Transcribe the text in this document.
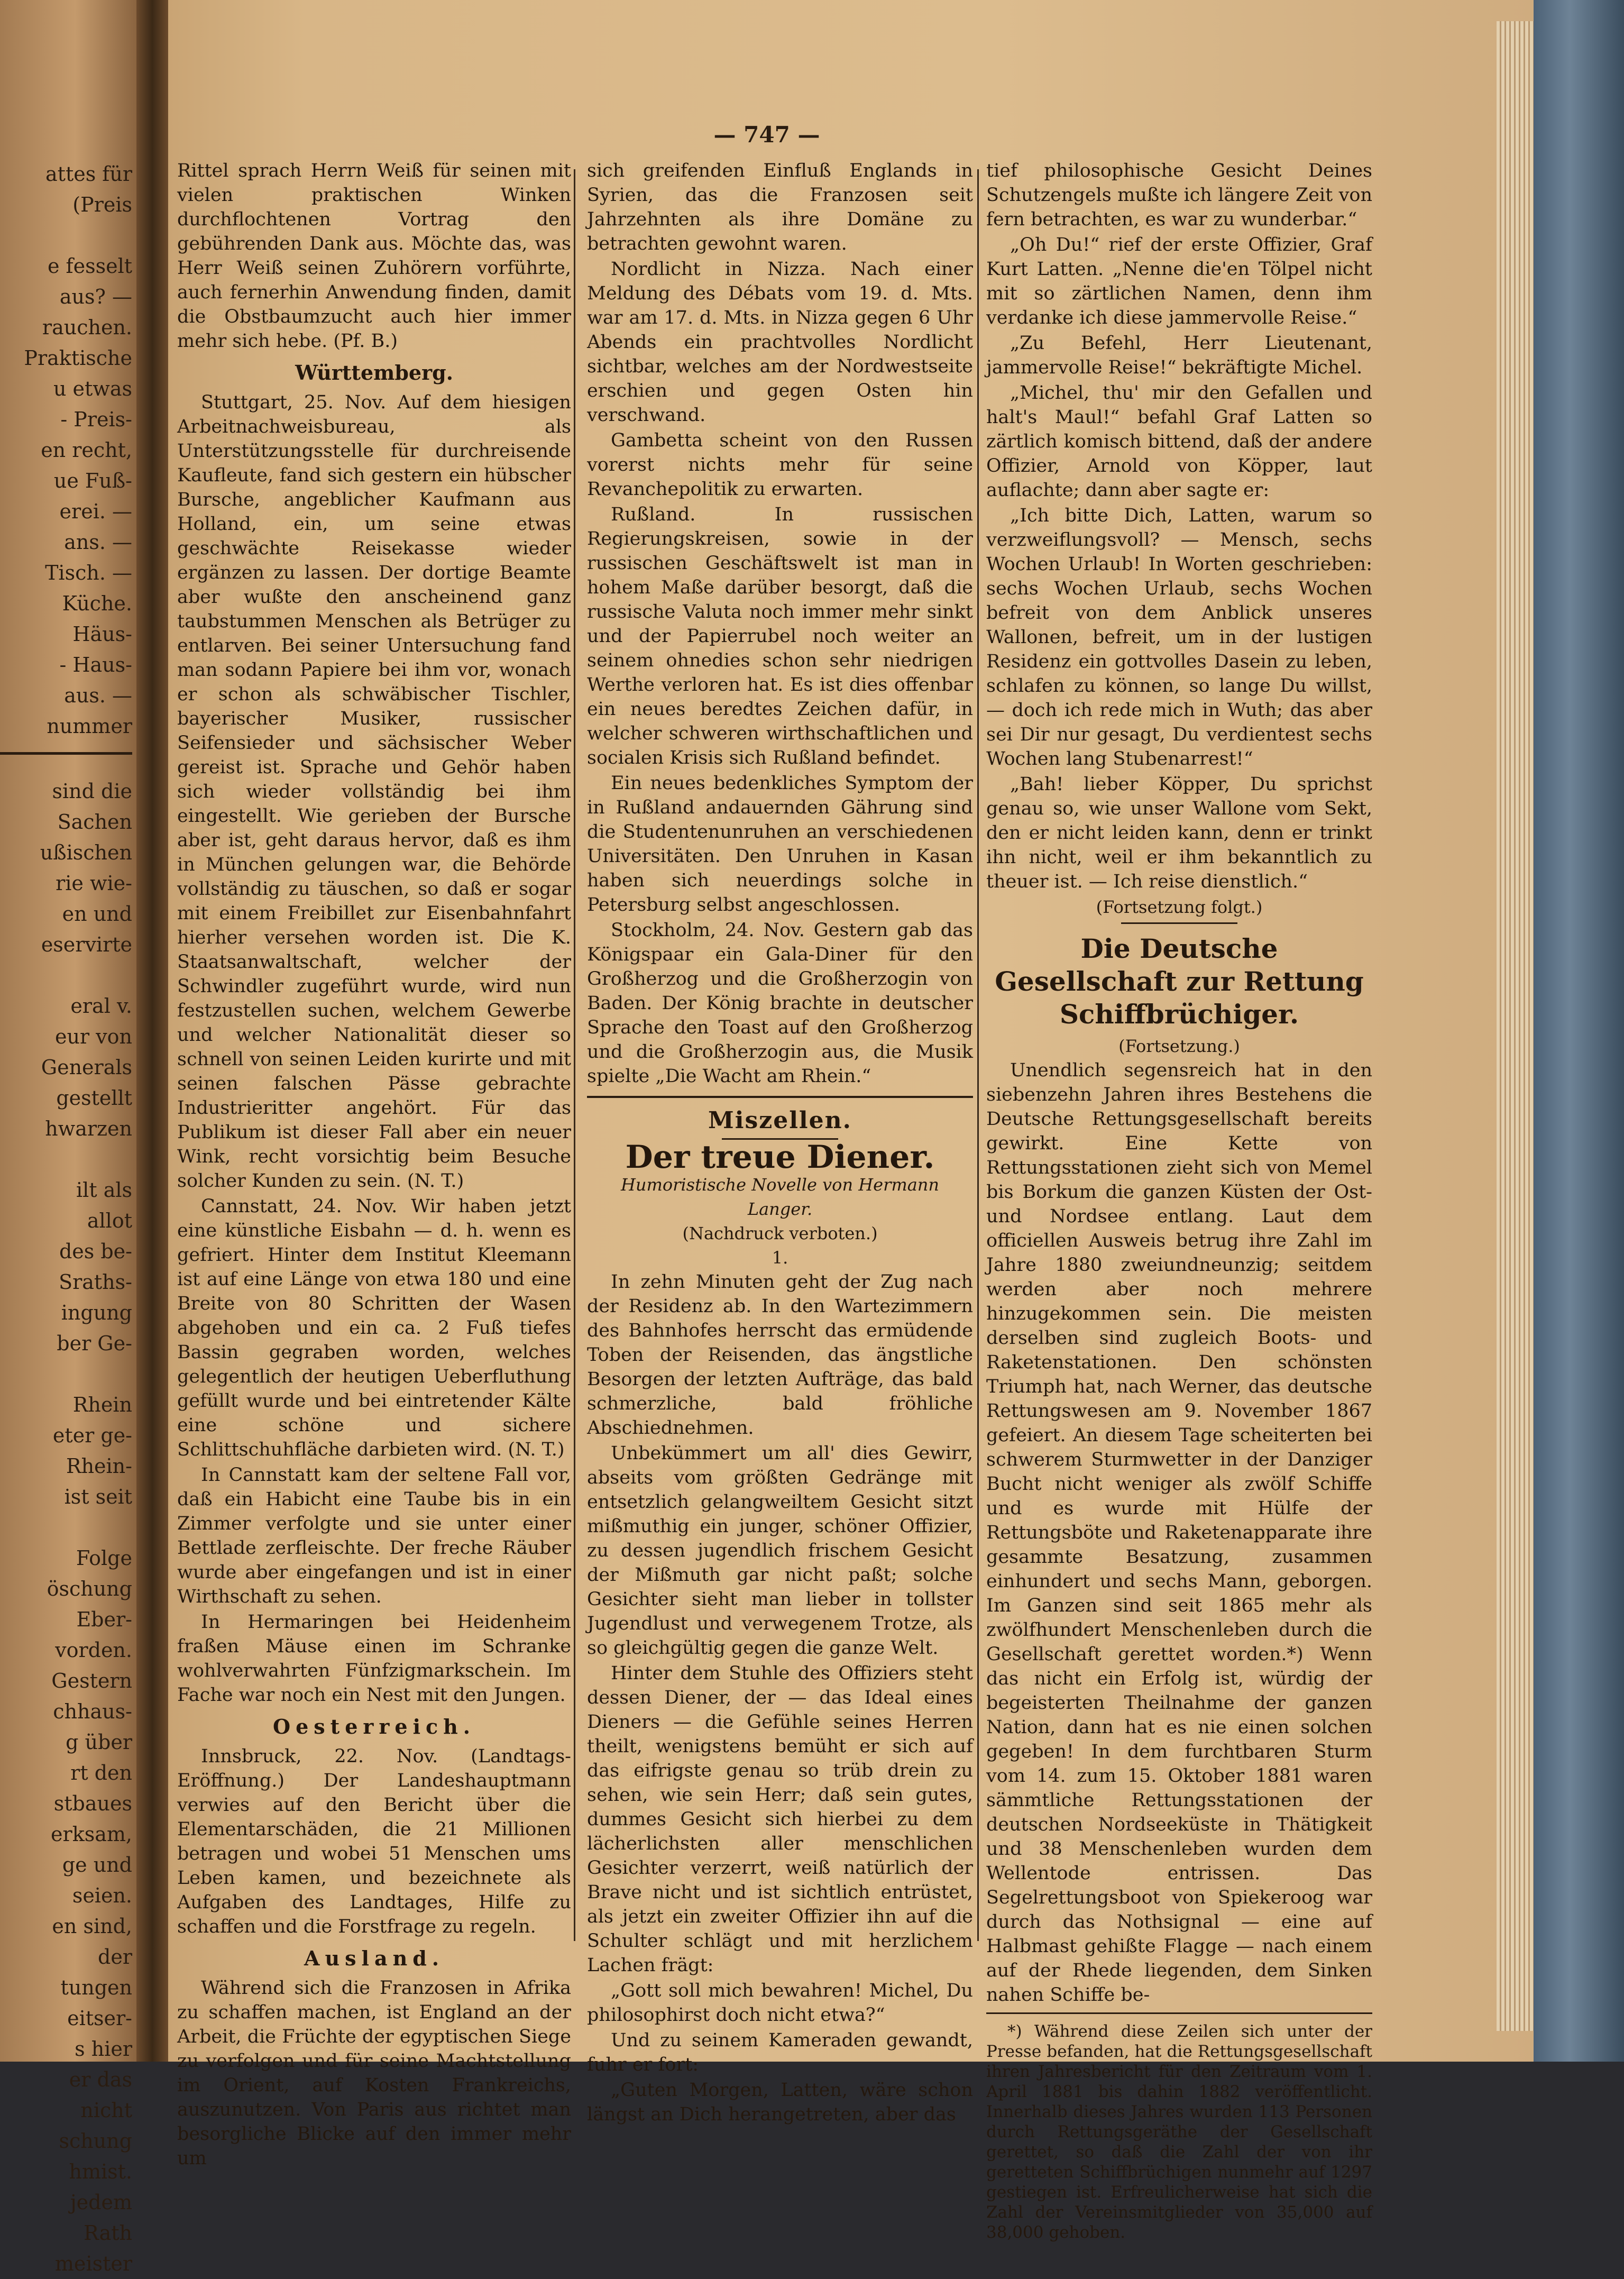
attes für
(Preis
e fesselt
aus? —
rauchen.
Praktische
u etwas
- Preis-
en recht,
ue Fuß-
erei. —
ans. —
Tisch. —
Küche.
Häus-
- Haus-
aus. —
nummer
sind die
Sachen
ußischen
rie wie-
en und
eservirte
eral v.
eur von
Generals
gestellt
hwarzen
ilt als
allot
des be-
Sraths-
ingung
ber Ge-
Rhein
eter ge-
Rhein-
ist seit
Folge
öschung
Eber-
vorden.
Gestern
chhaus-
g über
rt den
stbaues
erksam,
ge und
seien.
en sind,
der
tungen
eitser-
s hier
er das
nicht
schung
hmist.
jedem
Rath
meister
— 747 —

Rittel sprach Herrn Weiß für seinen mit vielen praktischen Winken durchflochtenen Vortrag den gebührenden Dank aus. Möchte das, was Herr Weiß seinen Zuhörern vorführte, auch fernerhin Anwendung finden, damit die Obstbaumzucht auch hier immer mehr sich hebe. (Pf. B.)

Württemberg.

Stuttgart, 25. Nov. Auf dem hiesigen Arbeitnachweisbureau, als Unterstützungsstelle für durchreisende Kaufleute, fand sich gestern ein hübscher Bursche, angeblicher Kaufmann aus Holland, ein, um seine etwas geschwächte Reisekasse wieder ergänzen zu lassen. Der dortige Beamte aber wußte den anscheinend ganz taubstummen Menschen als Betrüger zu entlarven. Bei seiner Untersuchung fand man sodann Papiere bei ihm vor, wonach er schon als schwäbischer Tischler, bayerischer Musiker, russischer Seifensieder und sächsischer Weber gereist ist. Sprache und Gehör haben sich wieder vollständig bei ihm eingestellt. Wie gerieben der Bursche aber ist, geht daraus hervor, daß es ihm in München gelungen war, die Behörde vollständig zu täuschen, so daß er sogar mit einem Freibillet zur Eisenbahnfahrt hierher versehen worden ist. Die K. Staatsanwaltschaft, welcher der Schwindler zugeführt wurde, wird nun festzustellen suchen, welchem Gewerbe und welcher Nationalität dieser so schnell von seinen Leiden kurirte und mit seinen falschen Pässe gebrachte Industrieritter angehört. Für das Publikum ist dieser Fall aber ein neuer Wink, recht vorsichtig beim Besuche solcher Kunden zu sein. (N. T.)

Cannstatt, 24. Nov. Wir haben jetzt eine künstliche Eisbahn — d. h. wenn es gefriert. Hinter dem Institut Kleemann ist auf eine Länge von etwa 180 und eine Breite von 80 Schritten der Wasen abgehoben und ein ca. 2 Fuß tiefes Bassin gegraben worden, welches gelegentlich der heutigen Ueberfluthung gefüllt wurde und bei eintretender Kälte eine schöne und sichere Schlittschuhfläche darbieten wird. (N. T.)

In Cannstatt kam der seltene Fall vor, daß ein Habicht eine Taube bis in ein Zimmer verfolgte und sie unter einer Bettlade zerfleischte. Der freche Räuber wurde aber eingefangen und ist in einer Wirthschaft zu sehen.

In Hermaringen bei Heidenheim fraßen Mäuse einen im Schranke wohlverwahrten Fünfzigmarkschein. Im Fache war noch ein Nest mit den Jungen.

Oesterreich.

Innsbruck, 22. Nov. (Landtags-Eröffnung.) Der Landeshauptmann verwies auf den Bericht über die Elementarschäden, die 21 Millionen betragen und wobei 51 Menschen ums Leben kamen, und bezeichnete als Aufgaben des Landtages, Hilfe zu schaffen und die Forstfrage zu regeln.

Ausland.

Während sich die Franzosen in Afrika zu schaffen machen, ist England an der Arbeit, die Früchte der egyptischen Siege zu verfolgen und für seine Machtstellung im Orient, auf Kosten Frankreichs, auszunutzen. Von Paris aus richtet man besorgliche Blicke auf den immer mehr um

sich greifenden Einfluß Englands in Syrien, das die Franzosen seit Jahrzehnten als ihre Domäne zu betrachten gewohnt waren.

Nordlicht in Nizza. Nach einer Meldung des Débats vom 19. d. Mts. war am 17. d. Mts. in Nizza gegen 6 Uhr Abends ein prachtvolles Nordlicht sichtbar, welches am der Nordwestseite erschien und gegen Osten hin verschwand.

Gambetta scheint von den Russen vorerst nichts mehr für seine Revanchepolitik zu erwarten.

Rußland. In russischen Regierungskreisen, sowie in der russischen Geschäftswelt ist man in hohem Maße darüber besorgt, daß die russische Valuta noch immer mehr sinkt und der Papierrubel noch weiter an seinem ohnedies schon sehr niedrigen Werthe verloren hat. Es ist dies offenbar ein neues beredtes Zeichen dafür, in welcher schweren wirthschaftlichen und socialen Krisis sich Rußland befindet.

Ein neues bedenkliches Symptom der in Rußland andauernden Gährung sind die Studentenunruhen an verschiedenen Universitäten. Den Unruhen in Kasan haben sich neuerdings solche in Petersburg selbst angeschlossen.

Stockholm, 24. Nov. Gestern gab das Königspaar ein Gala-Diner für den Großherzog und die Großherzogin von Baden. Der König brachte in deutscher Sprache den Toast auf den Großherzog und die Großherzogin aus, die Musik spielte „Die Wacht am Rhein.“

Miszellen.
Der treue Diener.
Humoristische Novelle von Hermann Langer.
(Nachdruck verboten.)
1.

In zehn Minuten geht der Zug nach der Residenz ab. In den Wartezimmern des Bahnhofes herrscht das ermüdende Toben der Reisenden, das ängstliche Besorgen der letzten Aufträge, das bald schmerzliche, bald fröhliche Abschiednehmen.

Unbekümmert um all' dies Gewirr, abseits vom größten Gedränge mit entsetzlich gelangweiltem Gesicht sitzt mißmuthig ein junger, schöner Offizier, zu dessen jugendlich frischem Gesicht der Mißmuth gar nicht paßt; solche Gesichter sieht man lieber in tollster Jugendlust und verwegenem Trotze, als so gleichgültig gegen die ganze Welt.

Hinter dem Stuhle des Offiziers steht dessen Diener, der — das Ideal eines Dieners — die Gefühle seines Herren theilt, wenigstens bemüht er sich auf das eifrigste genau so trüb drein zu sehen, wie sein Herr; daß sein gutes, dummes Gesicht sich hierbei zu dem lächerlichsten aller menschlichen Gesichter verzerrt, weiß natürlich der Brave nicht und ist sichtlich entrüstet, als jetzt ein zweiter Offizier ihn auf die Schulter schlägt und mit herzlichem Lachen frägt:

„Gott soll mich bewahren! Michel, Du philosophirst doch nicht etwa?“

Und zu seinem Kameraden gewandt, fuhr er fort:

„Guten Morgen, Latten, wäre schon längst an Dich herangetreten, aber das

tief philosophische Gesicht Deines Schutzengels mußte ich längere Zeit von fern betrachten, es war zu wunderbar.“

„Oh Du!“ rief der erste Offizier, Graf Kurt Latten. „Nenne die'en Tölpel nicht mit so zärtlichen Namen, denn ihm verdanke ich diese jammervolle Reise.“

„Zu Befehl, Herr Lieutenant, jammervolle Reise!“ bekräftigte Michel.

„Michel, thu' mir den Gefallen und halt's Maul!“ befahl Graf Latten so zärtlich komisch bittend, daß der andere Offizier, Arnold von Köpper, laut auflachte; dann aber sagte er:

„Ich bitte Dich, Latten, warum so verzweiflungsvoll? — Mensch, sechs Wochen Urlaub! In Worten geschrieben: sechs Wochen Urlaub, sechs Wochen befreit von dem Anblick unseres Wallonen, befreit, um in der lustigen Residenz ein gottvolles Dasein zu leben, schlafen zu können, so lange Du willst, — doch ich rede mich in Wuth; das aber sei Dir nur gesagt, Du verdientest sechs Wochen lang Stubenarrest!“

„Bah! lieber Köpper, Du sprichst genau so, wie unser Wallone vom Sekt, den er nicht leiden kann, denn er trinkt ihn nicht, weil er ihm bekanntlich zu theuer ist. — Ich reise dienstlich.“

(Fortsetzung folgt.)
Die Deutsche Gesellschaft zur Rettung Schiffbrüchiger.
(Fortsetzung.)

Unendlich segensreich hat in den siebenzehn Jahren ihres Bestehens die Deutsche Rettungsgesellschaft bereits gewirkt. Eine Kette von Rettungsstationen zieht sich von Memel bis Borkum die ganzen Küsten der Ost- und Nordsee entlang. Laut dem officiellen Ausweis betrug ihre Zahl im Jahre 1880 zweiundneunzig; seitdem werden aber noch mehrere hinzugekommen sein. Die meisten derselben sind zugleich Boots- und Raketenstationen. Den schönsten Triumph hat, nach Werner, das deutsche Rettungswesen am 9. November 1867 gefeiert. An diesem Tage scheiterten bei schwerem Sturmwetter in der Danziger Bucht nicht weniger als zwölf Schiffe und es wurde mit Hülfe der Rettungsböte und Raketenapparate ihre gesammte Besatzung, zusammen einhundert und sechs Mann, geborgen. Im Ganzen sind seit 1865 mehr als zwölfhundert Menschenleben durch die Gesellschaft gerettet worden.*) Wenn das nicht ein Erfolg ist, würdig der begeisterten Theilnahme der ganzen Nation, dann hat es nie einen solchen gegeben! In dem furchtbaren Sturm vom 14. zum 15. Oktober 1881 waren sämmtliche Rettungsstationen der deutschen Nordseeküste in Thätigkeit und 38 Menschenleben wurden dem Wellentode entrissen. Das Segelrettungsboot von Spiekeroog war durch das Nothsignal — eine auf Halbmast gehißte Flagge — nach einem auf der Rhede liegenden, dem Sinken nahen Schiffe be-

*) Während diese Zeilen sich unter der Presse befanden, hat die Rettungsgesellschaft ihren Jahresbericht für den Zeitraum vom 1. April 1881 bis dahin 1882 veröffentlicht. Innerhalb dieses Jahres wurden 113 Personen durch Rettungsgeräthe der Gesellschaft gerettet, so daß die Zahl der von ihr geretteten Schiffbrüchigen nunmehr auf 1297 gestiegen ist. Erfreulicherweise hat sich die Zahl der Vereinsmitglieder von 35,000 auf 38,000 gehoben.
